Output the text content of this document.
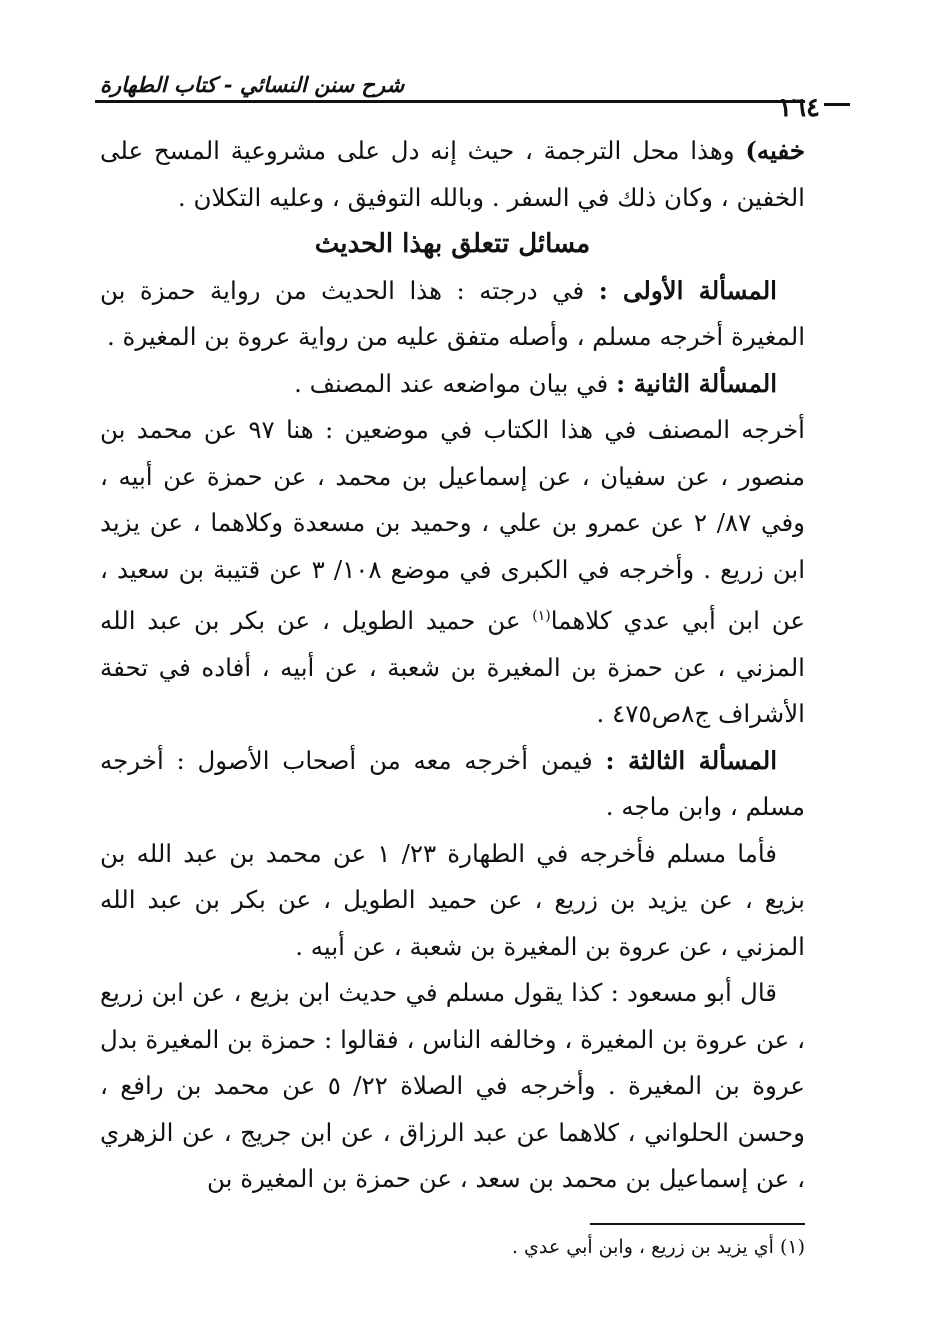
شرح سنن النسائي - كتاب الطهارة
١٦٤

خفيه) وهذا محل الترجمة ، حيث إنه دل على مشروعية المسح على الخفين ، وكان ذلك في السفر . وبالله التوفيق ، وعليه التكلان .

مسائل تتعلق بهذا الحديث

المسألة الأولى : في درجته : هذا الحديث من رواية حمزة بن المغيرة أخرجه مسلم ، وأصله متفق عليه من رواية عروة بن المغيرة .

المسألة الثانية : في بيان مواضعه عند المصنف .

أخرجه المصنف في هذا الكتاب في موضعين : هنا ٩٧ عن محمد بن منصور ، عن سفيان ، عن إسماعيل بن محمد ، عن حمزة عن أبيه ، وفي ٨٧/ ٢ عن عمرو بن علي ، وحميد بن مسعدة وكلاهما ، عن يزيد ابن زريع . وأخرجه في الكبرى في موضع ١٠٨/ ٣ عن قتيبة بن سعيد ، عن ابن أبي عدي كلاهما$^{(١)}$ عن حميد الطويل ، عن بكر بن عبد الله المزني ، عن حمزة بن المغيرة بن شعبة ، عن أبيه ، أفاده في تحفة الأشراف ج٨ص٤٧٥ .

المسألة الثالثة : فيمن أخرجه معه من أصحاب الأصول : أخرجه مسلم ، وابن ماجه .

فأما مسلم فأخرجه في الطهارة ٢٣/ ١ عن محمد بن عبد الله بن بزيع ، عن يزيد بن زريع ، عن حميد الطويل ، عن بكر بن عبد الله المزني ، عن عروة بن المغيرة بن شعبة ، عن أبيه .

قال أبو مسعود : كذا يقول مسلم في حديث ابن بزيع ، عن ابن زريع ، عن عروة بن المغيرة ، وخالفه الناس ، فقالوا : حمزة بن المغيرة بدل عروة بن المغيرة . وأخرجه في الصلاة ٢٢/ ٥ عن محمد بن رافع ، وحسن الحلواني ، كلاهما عن عبد الرزاق ، عن ابن جريج ، عن الزهري ، عن إسماعيل بن محمد بن سعد ، عن حمزة بن المغيرة بن

(١) أي يزيد بن زريع ، وابن أبي عدي .
